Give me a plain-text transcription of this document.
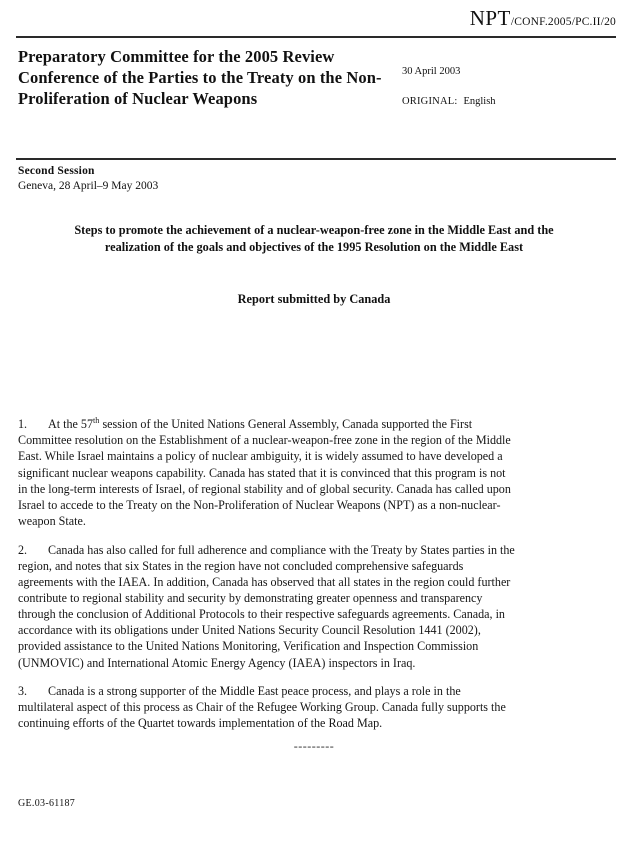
NPT/CONF.2005/PC.II/20
Preparatory Committee for the 2005 Review Conference of the Parties to the Treaty on the Non-Proliferation of Nuclear Weapons
30 April 2003
ORIGINAL: English
Second Session
Geneva, 28 April–9 May 2003
Steps to promote the achievement of a nuclear-weapon-free zone in the Middle East and the realization of the goals and objectives of the 1995 Resolution on the Middle East
Report submitted by Canada

1. At the 57th session of the United Nations General Assembly, Canada supported the First Committee resolution on the Establishment of a nuclear-weapon-free zone in the region of the Middle East. While Israel maintains a policy of nuclear ambiguity, it is widely assumed to have developed a significant nuclear weapons capability. Canada has stated that it is convinced that this program is not in the long-term interests of Israel, of regional stability and of global security. Canada has called upon Israel to accede to the Treaty on the Non-Proliferation of Nuclear Weapons (NPT) as a non-nuclear-weapon State.

2. Canada has also called for full adherence and compliance with the Treaty by States parties in the region, and notes that six States in the region have not concluded comprehensive safeguards agreements with the IAEA. In addition, Canada has observed that all states in the region could further contribute to regional stability and security by demonstrating greater openness and transparency through the conclusion of Additional Protocols to their respective safeguards agreements. Canada, in accordance with its obligations under United Nations Security Council Resolution 1441 (2002), provided assistance to the United Nations Monitoring, Verification and Inspection Commission (UNMOVIC) and International Atomic Energy Agency (IAEA) inspectors in Iraq.

3. Canada is a strong supporter of the Middle East peace process, and plays a role in the multilateral aspect of this process as Chair of the Refugee Working Group. Canada fully supports the continuing efforts of the Quartet towards implementation of the Road Map.

---------
GE.03-61187
